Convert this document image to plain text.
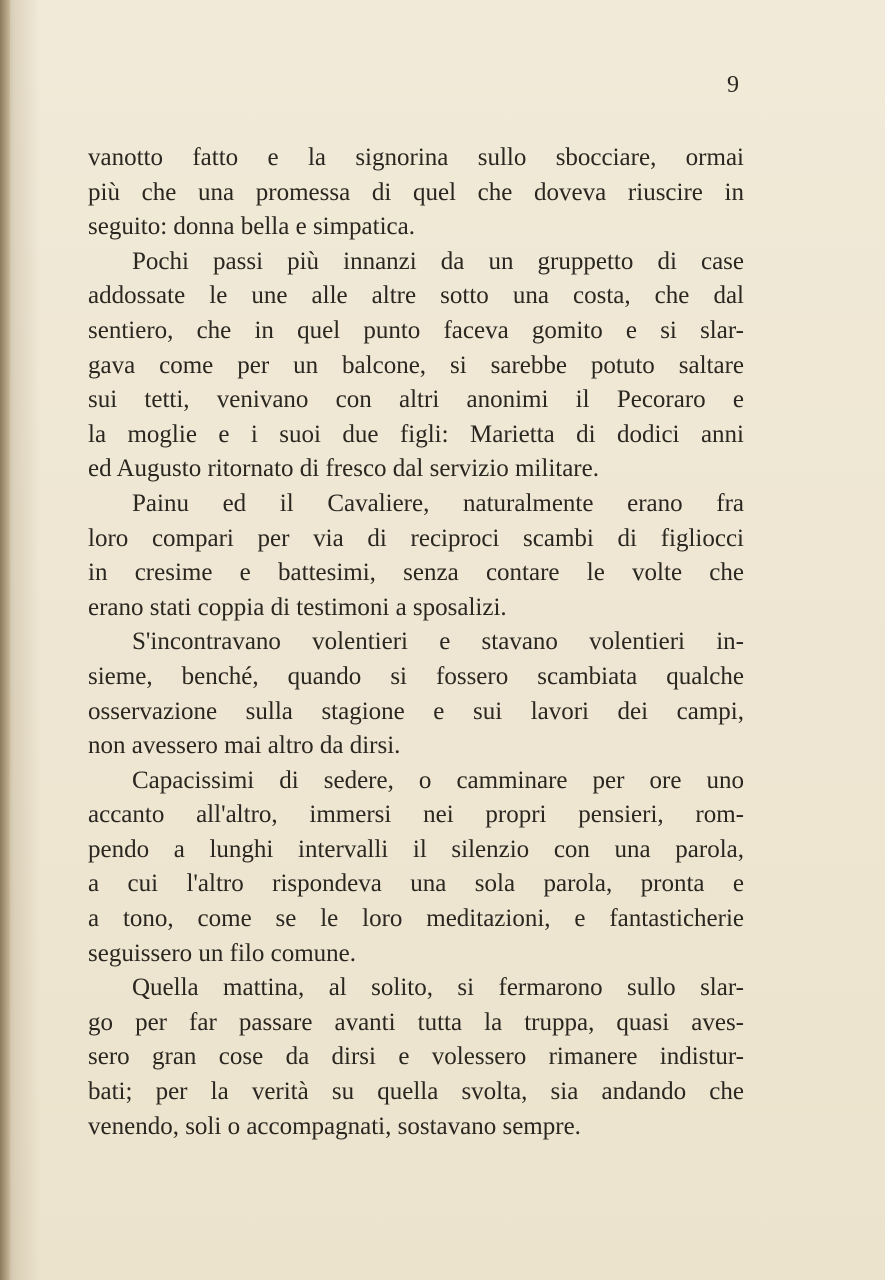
9
vanotto fatto e la signorina sullo sbocciare, ormai
più che una promessa di quel che doveva riuscire in
seguito: donna bella e simpatica.
Pochi passi più innanzi da un gruppetto di case
addossate le une alle altre sotto una costa, che dal
sentiero, che in quel punto faceva gomito e si slar-
gava come per un balcone, si sarebbe potuto saltare
sui tetti, venivano con altri anonimi il Pecoraro e
la moglie e i suoi due figli: Marietta di dodici anni
ed Augusto ritornato di fresco dal servizio militare.
Painu ed il Cavaliere, naturalmente erano fra
loro compari per via di reciproci scambi di figliocci
in cresime e battesimi, senza contare le volte che
erano stati coppia di testimoni a sposalizi.
S'incontravano volentieri e stavano volentieri in-
sieme, benché, quando si fossero scambiata qualche
osservazione sulla stagione e sui lavori dei campi,
non avessero mai altro da dirsi.
Capacissimi di sedere, o camminare per ore uno
accanto all'altro, immersi nei propri pensieri, rom-
pendo a lunghi intervalli il silenzio con una parola,
a cui l'altro rispondeva una sola parola, pronta e
a tono, come se le loro meditazioni, e fantasticherie
seguissero un filo comune.
Quella mattina, al solito, si fermarono sullo slar-
go per far passare avanti tutta la truppa, quasi aves-
sero gran cose da dirsi e volessero rimanere indistur-
bati; per la verità su quella svolta, sia andando che
venendo, soli o accompagnati, sostavano sempre.
